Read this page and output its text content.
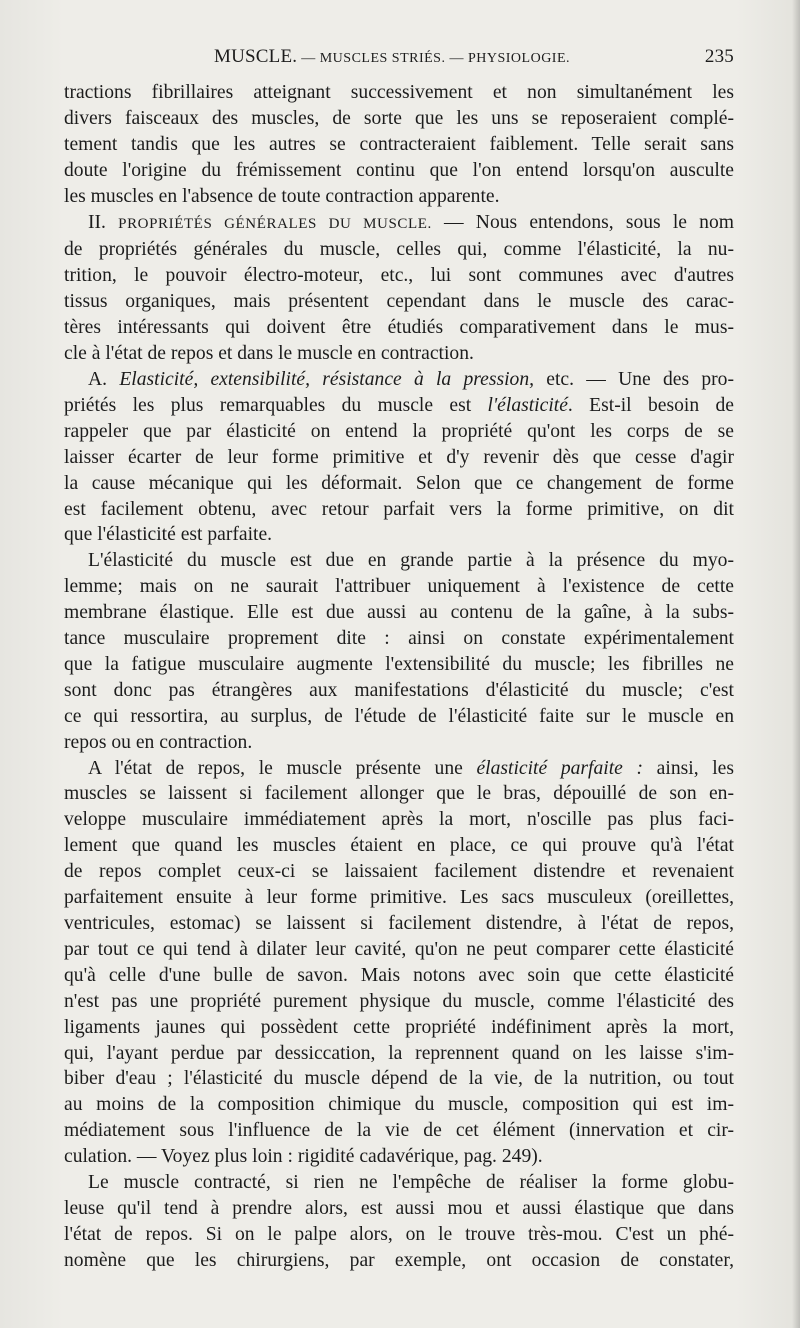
MUSCLE. — MUSCLES STRIÉS. — PHYSIOLOGIE.	235

tractions fibrillaires atteignant successivement et non simultanément les

divers faisceaux des muscles, de sorte que les uns se reposeraient complé-

tement tandis que les autres se contracteraient faiblement. Telle serait sans

doute l'origine du frémissement continu que l'on entend lorsqu'on ausculte

les muscles en l'absence de toute contraction apparente.

II. PROPRIÉTÉS GÉNÉRALES DU MUSCLE. — Nous entendons, sous le nom

de propriétés générales du muscle, celles qui, comme l'élasticité, la nu-

trition, le pouvoir électro-moteur, etc., lui sont communes avec d'autres

tissus organiques, mais présentent cependant dans le muscle des carac-

tères intéressants qui doivent être étudiés comparativement dans le mus-

cle à l'état de repos et dans le muscle en contraction.

A. Elasticité, extensibilité, résistance à la pression, etc. — Une des pro-

priétés les plus remarquables du muscle est l'élasticité. Est-il besoin de

rappeler que par élasticité on entend la propriété qu'ont les corps de se

laisser écarter de leur forme primitive et d'y revenir dès que cesse d'agir

la cause mécanique qui les déformait. Selon que ce changement de forme

est facilement obtenu, avec retour parfait vers la forme primitive, on dit

que l'élasticité est parfaite.

L'élasticité du muscle est due en grande partie à la présence du myo-

lemme; mais on ne saurait l'attribuer uniquement à l'existence de cette

membrane élastique. Elle est due aussi au contenu de la gaîne, à la subs-

tance musculaire proprement dite : ainsi on constate expérimentalement

que la fatigue musculaire augmente l'extensibilité du muscle; les fibrilles ne

sont donc pas étrangères aux manifestations d'élasticité du muscle; c'est

ce qui ressortira, au surplus, de l'étude de l'élasticité faite sur le muscle en

repos ou en contraction.

A l'état de repos, le muscle présente une élasticité parfaite : ainsi, les

muscles se laissent si facilement allonger que le bras, dépouillé de son en-

veloppe musculaire immédiatement après la mort, n'oscille pas plus faci-

lement que quand les muscles étaient en place, ce qui prouve qu'à l'état

de repos complet ceux-ci se laissaient facilement distendre et revenaient

parfaitement ensuite à leur forme primitive. Les sacs musculeux (oreillettes,

ventricules, estomac) se laissent si facilement distendre, à l'état de repos,

par tout ce qui tend à dilater leur cavité, qu'on ne peut comparer cette élasticité

qu'à celle d'une bulle de savon. Mais notons avec soin que cette élasticité

n'est pas une propriété purement physique du muscle, comme l'élasticité des

ligaments jaunes qui possèdent cette propriété indéfiniment après la mort,

qui, l'ayant perdue par dessiccation, la reprennent quand on les laisse s'im-

biber d'eau ; l'élasticité du muscle dépend de la vie, de la nutrition, ou tout

au moins de la composition chimique du muscle, composition qui est im-

médiatement sous l'influence de la vie de cet élément (innervation et cir-

culation. — Voyez plus loin : rigidité cadavérique, pag. 249).

Le muscle contracté, si rien ne l'empêche de réaliser la forme globu-

leuse qu'il tend à prendre alors, est aussi mou et aussi élastique que dans

l'état de repos. Si on le palpe alors, on le trouve très-mou. C'est un phé-

nomène que les chirurgiens, par exemple, ont occasion de constater,
